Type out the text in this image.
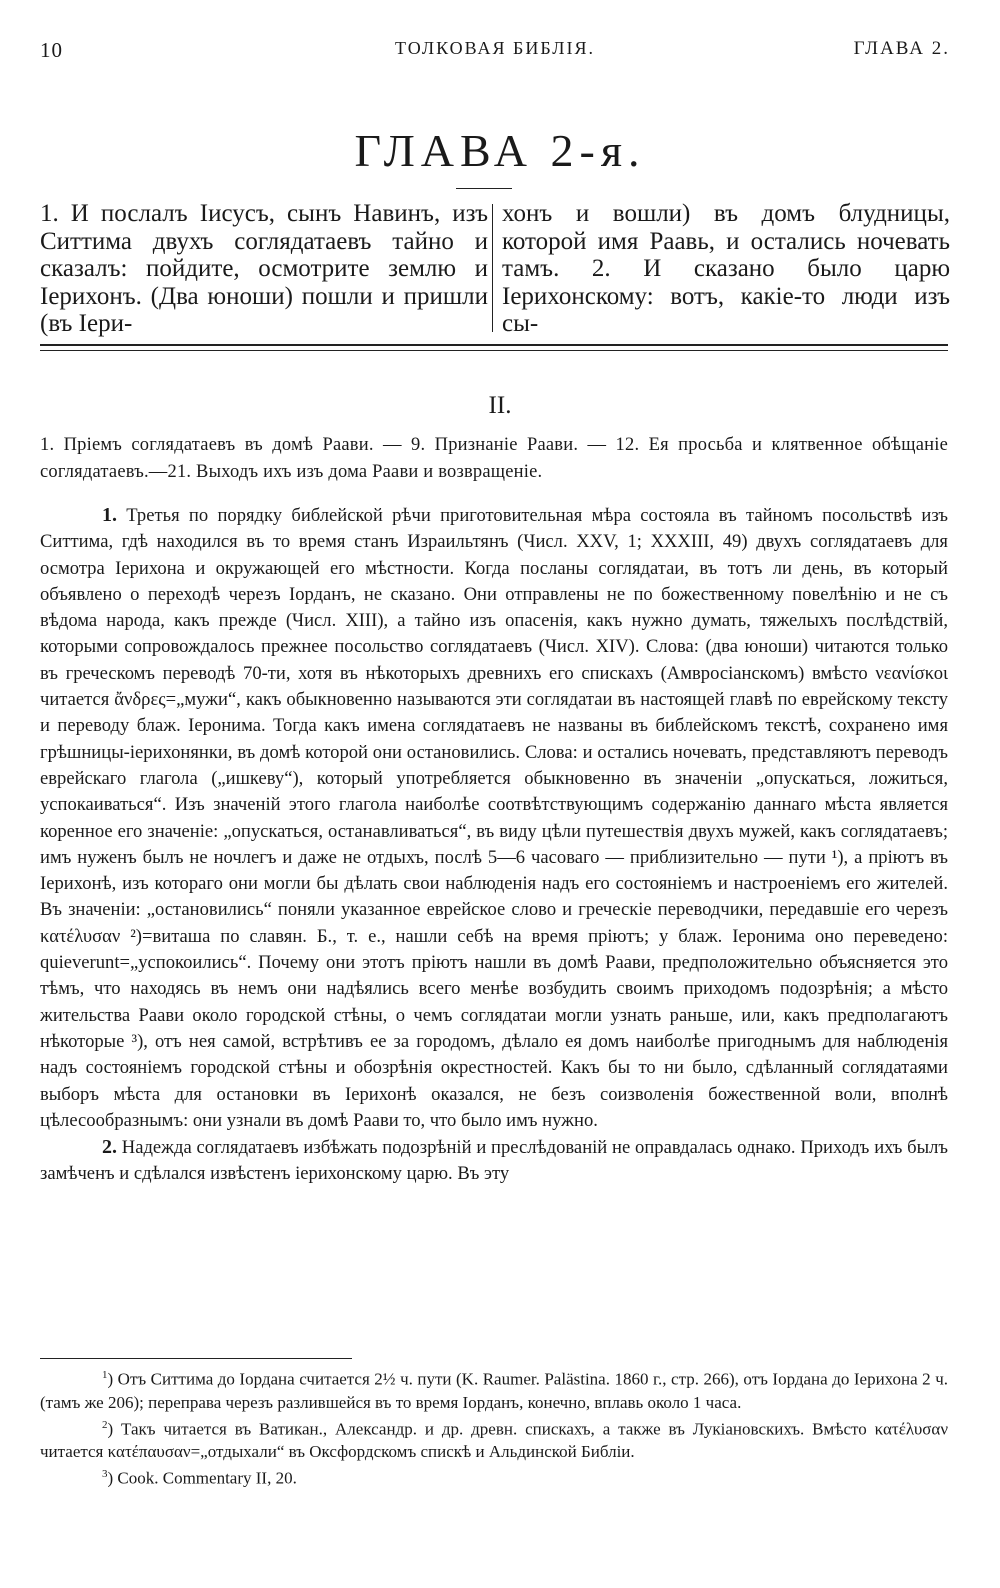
10	ТОЛКОВАЯ БИБЛІЯ.	ГЛАВА 2.
ГЛАВА 2-я.
1. И послалъ Іисусъ, сынъ Навинъ, изъ Ситтима двухъ соглядатаевъ тайно и сказалъ: пойдите, осмотрите землю и Іерихонъ. (Два юноши) пошли и пришли (въ Іери-
хонъ и вошли) въ домъ блудницы, которой имя Раавь, и остались ночевать тамъ. 2. И сказано было царю Іерихонскому: вотъ, какіе-то люди изъ сы-
II.
1. Пріемъ соглядатаевъ въ домѣ Раави. — 9. Признаніе Раави. — 12. Ея просьба и клятвенное обѣщаніе соглядатаевъ.—21. Выходъ ихъ изъ дома Раави и возвращеніе.

1. Третья по порядку библейской рѣчи приготовительная мѣра состояла въ тайномъ посольствѣ изъ Ситтима, гдѣ находился въ то время станъ Израильтянъ (Числ. XXV, 1; XXXIII, 49) двухъ соглядатаевъ для осмотра Іерихона и окружающей его мѣстности. Когда посланы соглядатаи, въ тотъ ли день, въ который объявлено о переходѣ черезъ Іорданъ, не сказано. Они отправлены не по божественному повелѣнію и не съ вѣдома народа, какъ прежде (Числ. XIII), а тайно изъ опасенія, какъ нужно думать, тяжелыхъ послѣдствій, которыми сопровождалось прежнее посольство соглядатаевъ (Числ. XIV). Слова: (два юноши) читаются только въ греческомъ переводѣ 70-ти, хотя въ нѣкоторыхъ древнихъ его спискахъ (Амвросіанскомъ) вмѣсто νεανίσκοι читается ἄνδρες=„мужи“, какъ обыкновенно называются эти соглядатаи въ настоящей главѣ по еврейскому тексту и переводу блаж. Іеронима. Тогда какъ имена соглядатаевъ не названы въ библейскомъ текстѣ, сохранено имя грѣшницы-іерихонянки, въ домѣ которой они остановились. Слова: и остались ночевать, представляютъ переводъ еврейскаго глагола („ишкеву“), который употребляется обыкновенно въ значеніи „опускаться, ложиться, успокаиваться“. Изъ значеній этого глагола наиболѣе соотвѣтствующимъ содержанію даннаго мѣста является коренное его значеніе: „опускаться, останавливаться“, въ виду цѣли путешествія двухъ мужей, какъ соглядатаевъ; имъ нуженъ былъ не ночлегъ и даже не отдыхъ, послѣ 5—6 часоваго — приблизительно — пути ¹), а пріютъ въ Іерихонѣ, изъ котораго они могли бы дѣлать свои наблюденія надъ его состояніемъ и настроеніемъ его жителей. Въ значеніи: „остановились“ поняли указанное еврейское слово и греческіе переводчики, передавшіе его черезъ κατέλυσαν ²)=виташа по славян. Б., т. е., нашли себѣ на время пріютъ; у блаж. Іеронима оно переведено: quieverunt=„успокоились“. Почему они этотъ пріютъ нашли въ домѣ Раави, предположительно объясняется это тѣмъ, что находясь въ немъ они надѣялись всего менѣе возбудить своимъ приходомъ подозрѣнія; а мѣсто жительства Раави около городской стѣны, о чемъ соглядатаи могли узнать раньше, или, какъ предполагаютъ нѣкоторые ³), отъ нея самой, встрѣтивъ ее за городомъ, дѣлало ея домъ наиболѣе пригоднымъ для наблюденія надъ состояніемъ городской стѣны и обозрѣнія окрестностей. Какъ бы то ни было, сдѣланный соглядатаями выборъ мѣста для остановки въ Іерихонѣ оказался, не безъ соизволенія божественной воли, вполнѣ цѣлесообразнымъ: они узнали въ домѣ Раави то, что было имъ нужно.

2. Надежда соглядатаевъ избѣжать подозрѣній и преслѣдованій не оправдалась однако. Приходъ ихъ былъ замѣченъ и сдѣлался извѣстенъ іерихонскому царю. Въ эту

$^1$) Отъ Ситтима до Іордана считается 2½ ч. пути (K. Raumer. Palästina. 1860 г., стр. 266), отъ Іордана до Іерихона 2 ч. (тамъ же 206); переправа черезъ разлившейся въ то время Іорданъ, конечно, вплавь около 1 часа.

$^2$) Такъ читается въ Ватикан., Александр. и др. древн. спискахъ, а также въ Лукіановскихъ. Вмѣсто κατέλυσαν читается κατέπαυσαν=„отдыхали“ въ Оксфордскомъ спискѣ и Альдинской Библіи.

$^3$) Cook. Commentary II, 20.
